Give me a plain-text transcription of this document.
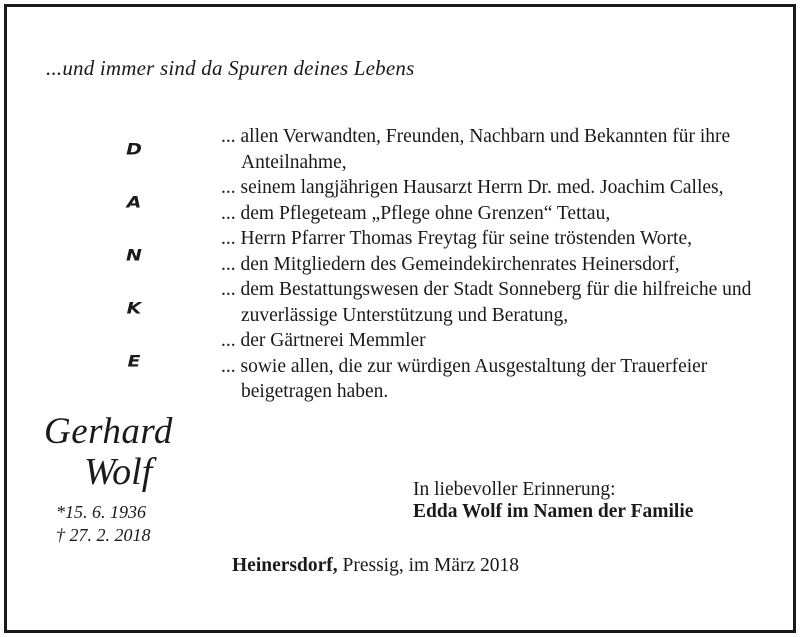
...und immer sind da Spuren deines Lebens
D
A
N
K
E
... allen Verwandten, Freunden, Nachbarn und Bekannten für ihre Anteilnahme,
... seinem langjährigen Hausarzt Herrn Dr. med. Joachim Calles,
... dem Pflegeteam „Pflege ohne Grenzen“ Tettau,
... Herrn Pfarrer Thomas Freytag für seine tröstenden Worte,
... den Mitgliedern des Gemeindekirchenrates Heinersdorf,
... dem Bestattungswesen der Stadt Sonneberg für die hilfreiche und zuverlässige Unterstützung und Beratung,
... der Gärtnerei Memmler
... sowie allen, die zur würdigen Ausgestaltung der Trauerfeier beigetragen haben.
Gerhard
Wolf
*15. 6. 1936
† 27. 2. 2018
In liebevoller Erinnerung:
Edda Wolf im Namen der Familie
Heinersdorf, Pressig, im März 2018
